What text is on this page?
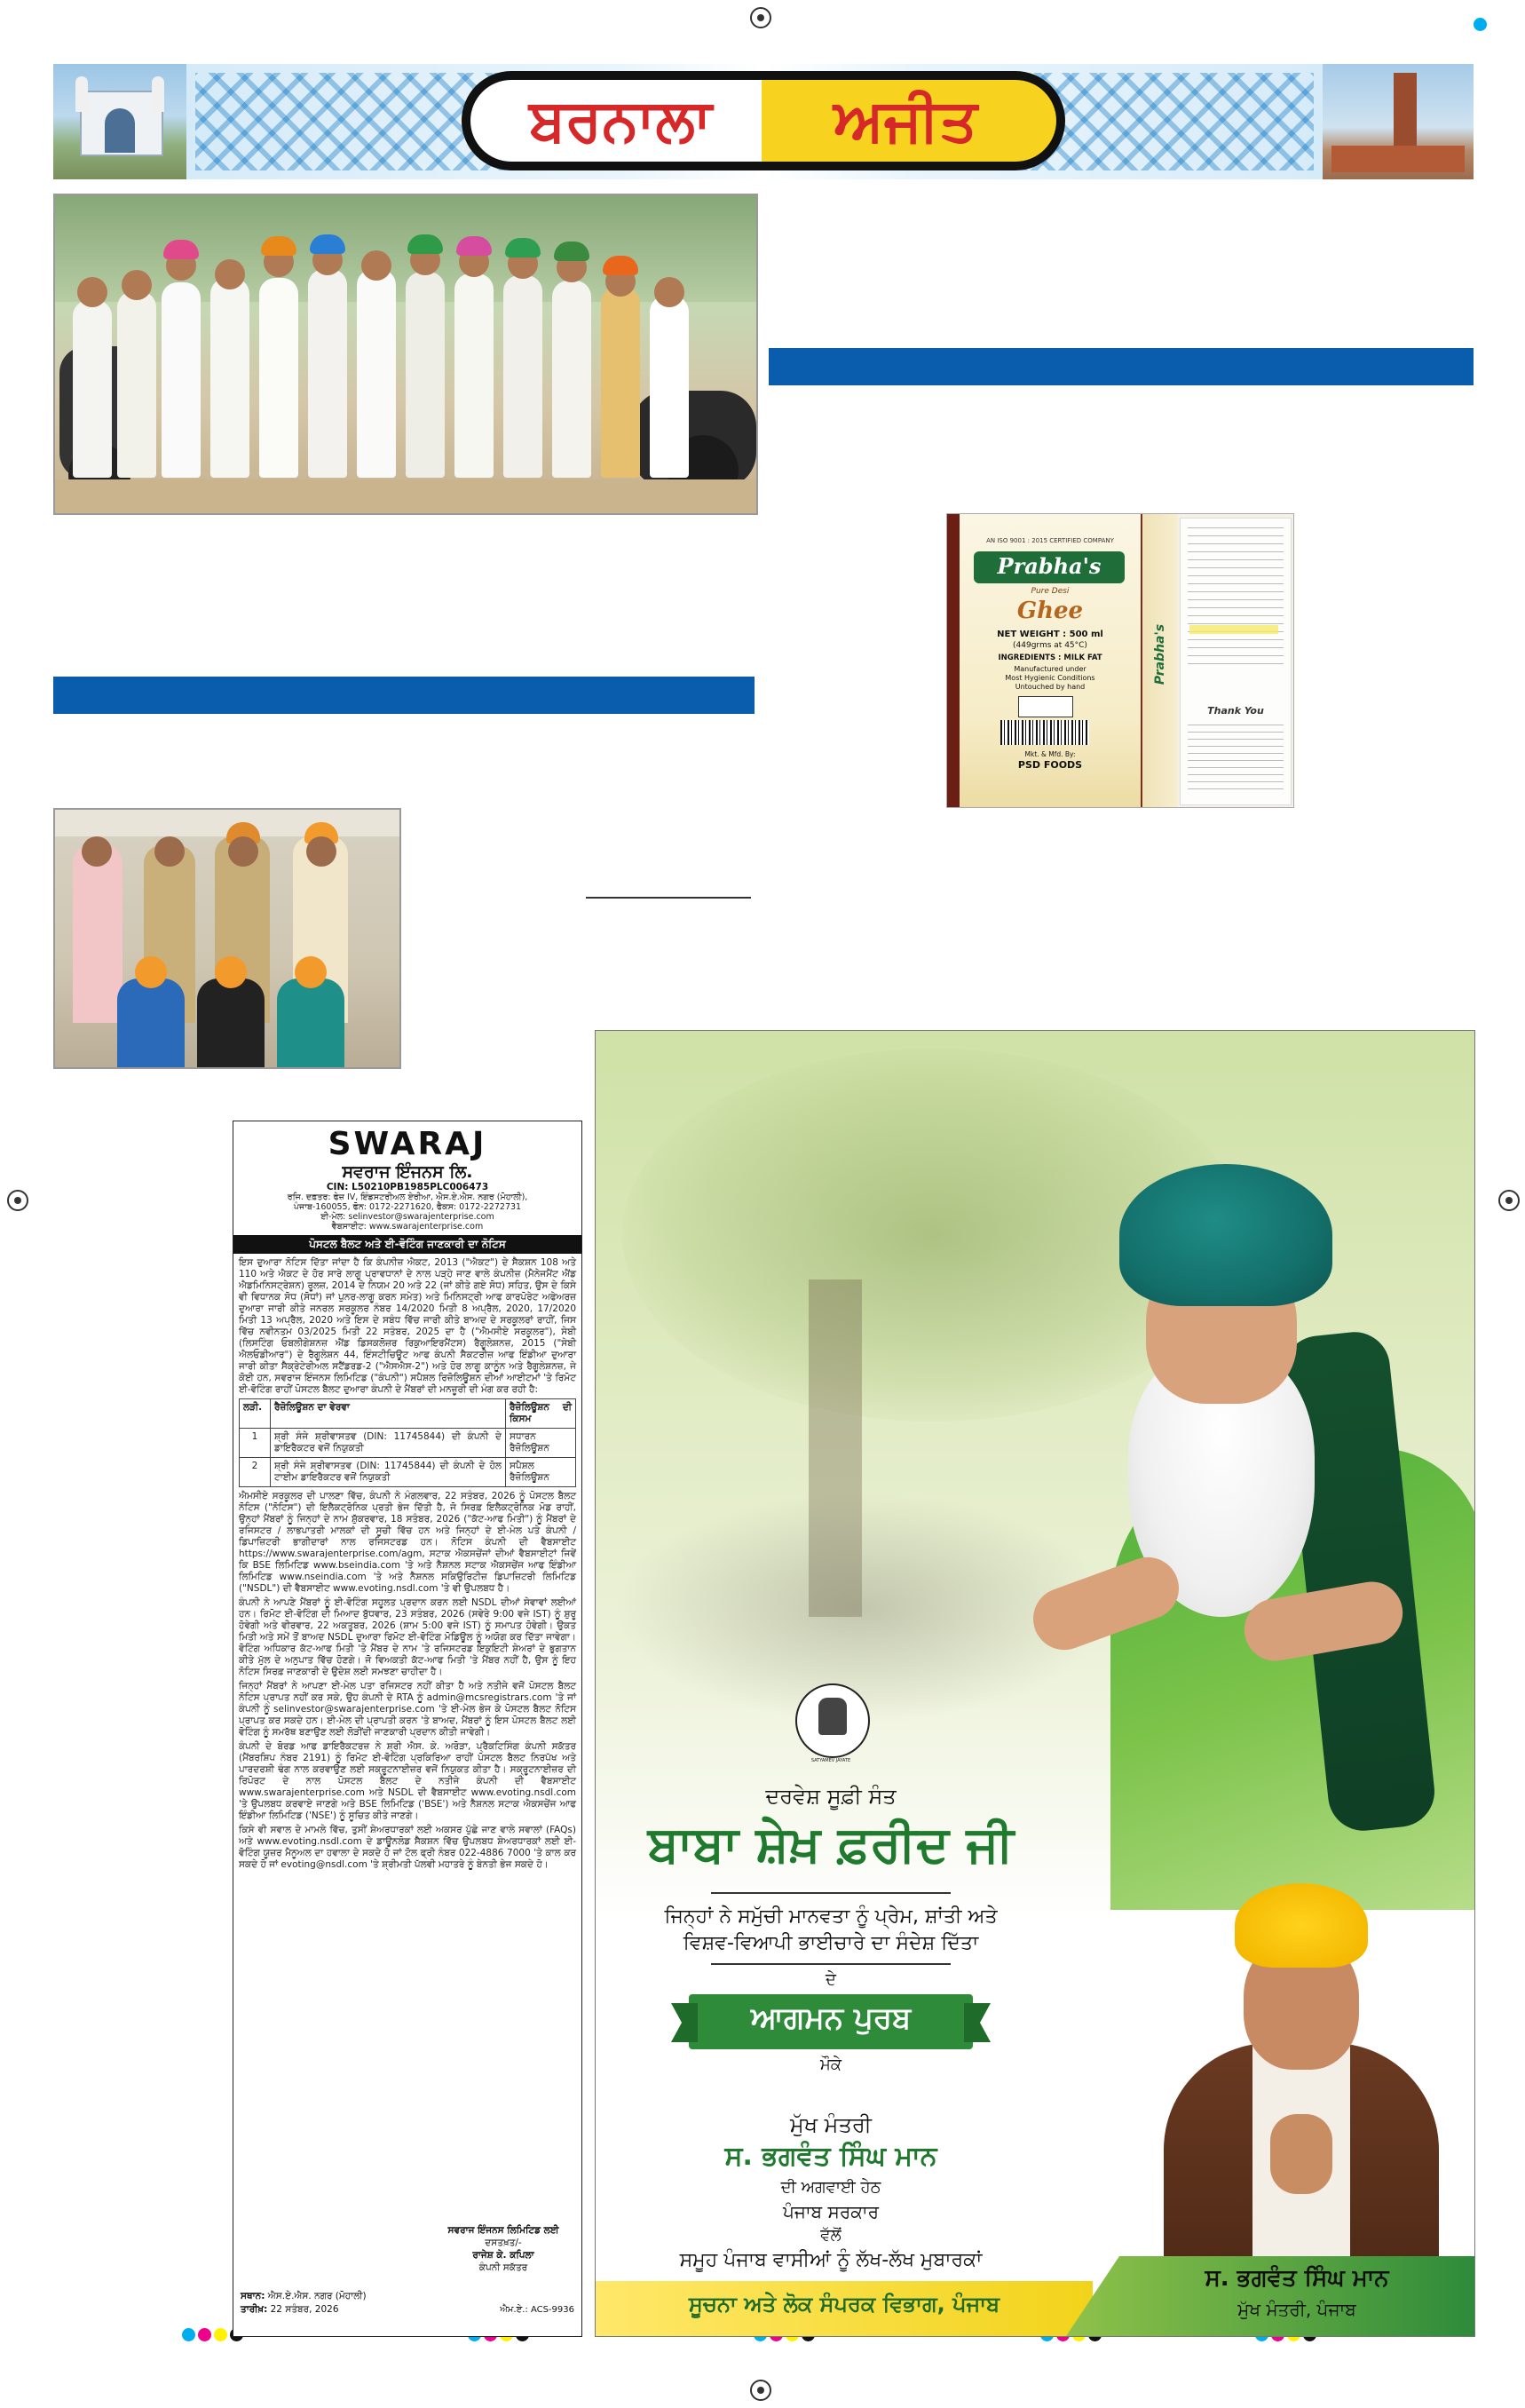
ਬਰਨਾਲਾ	ਅਜੀਤ
AN ISO 9001 : 2015 CERTIFIED COMPANY
Prabha's
Pure Desi
Ghee
NET WEIGHT : 500 ml
(449grms at 45°C)
INGREDIENTS : MILK FAT
Manufactured under
Most Hygienic Conditions
Untouched by hand
Mkt. & Mfd. By:
PSD FOODS
Prabha's
Thank You
SWARAJ
ਸਵਰਾਜ ਇੰਜਨਸ ਲਿ.
CIN: L50210PB1985PLC006473
ਰਜਿ. ਦਫ਼ਤਰ: ਫੇਜ਼ IV, ਇੰਡਸਟਰੀਅਲ ਏਰੀਆ, ਐਸ.ਏ.ਐਸ. ਨਗਰ (ਮੋਹਾਲੀ),
ਪੰਜਾਬ-160055, ਫੋਨ: 0172-2271620, ਫੈਕਸ: 0172-2272731
ਈ-ਮੇਲ: selinvestor@swarajenterprise.com
ਵੈਬਸਾਈਟ: www.swarajenterprise.com
ਪੋਸਟਲ ਬੈਲਟ ਅਤੇ ਈ-ਵੋਟਿੰਗ ਜਾਣਕਾਰੀ ਦਾ ਨੋਟਿਸ

ਇਸ ਦੁਆਰਾ ਨੋਟਿਸ ਦਿੱਤਾ ਜਾਂਦਾ ਹੈ ਕਿ ਕੰਪਨੀਜ਼ ਐਕਟ, 2013 ("ਐਕਟ") ਦੇ ਸੈਕਸ਼ਨ 108 ਅਤੇ 110 ਅਤੇ ਐਕਟ ਦੇ ਹੋਰ ਸਾਰੇ ਲਾਗੂ ਪ੍ਰਾਵਧਾਨਾਂ ਦੇ ਨਾਲ ਪੜ੍ਹੇ ਜਾਣ ਵਾਲੇ ਕੰਪਨੀਜ਼ (ਮੈਨੇਜਮੈਂਟ ਐਂਡ ਐਡਮਿਨਿਸਟ੍ਰੇਸ਼ਨ) ਰੂਲਜ਼, 2014 ਦੇ ਨਿਯਮ 20 ਅਤੇ 22 (ਜਾਂ ਕੀਤੇ ਗਏ ਸੋਧ) ਸਹਿਤ, ਉਸ ਦੇ ਕਿਸੇ ਵੀ ਵਿਧਾਨਕ ਸੋਧ (ਸੋਧਾਂ) ਜਾਂ ਪੁਨਰ-ਲਾਗੂ ਕਰਨ ਸਮੇਤ) ਅਤੇ ਮਿਨਿਸਟ੍ਰੀ ਆਫ ਕਾਰਪੋਰੇਟ ਅਫੇਅਰਜ਼ ਦੁਆਰਾ ਜਾਰੀ ਕੀਤੇ ਜਨਰਲ ਸਰਕੂਲਰ ਨੰਬਰ 14/2020 ਮਿਤੀ 8 ਅਪ੍ਰੈਲ, 2020, 17/2020 ਮਿਤੀ 13 ਅਪ੍ਰੈਲ, 2020 ਅਤੇ ਇਸ ਦੇ ਸਬੰਧ ਵਿੱਚ ਜਾਰੀ ਕੀਤੇ ਬਾਅਦ ਦੇ ਸਰਕੂਲਰਾਂ ਰਾਹੀਂ, ਜਿਸ ਵਿੱਚ ਨਵੀਨਤਮ 03/2025 ਮਿਤੀ 22 ਸਤੰਬਰ, 2025 ਦਾ ਹੈ ("ਐਮਸੀਏ ਸਰਕੂਲਰ"), ਸੇਬੀ (ਲਿਸਟਿੰਗ ਓਬਲੀਗੇਸ਼ਨਜ਼ ਐਂਡ ਡਿਸਕਲੋਜ਼ਰ ਰਿਕੁਆਇਰਮੈਂਟਸ) ਰੈਗੂਲੇਸ਼ਨਜ਼, 2015 ("ਸੇਬੀ ਐਲਓਡੀਆਰ") ਦੇ ਰੈਗੂਲੇਸ਼ਨ 44, ਇੰਸਟੀਚਿਊਟ ਆਫ ਕੰਪਨੀ ਸੈਕਟਰੀਜ਼ ਆਫ ਇੰਡੀਆ ਦੁਆਰਾ ਜਾਰੀ ਕੀਤਾ ਸੈਕ੍ਰੇਟੇਰੀਅਲ ਸਟੈਂਡਰਡ-2 ("ਐਸਐਸ-2") ਅਤੇ ਹੋਰ ਲਾਗੂ ਕਾਨੂੰਨ ਅਤੇ ਰੈਗੂਲੇਸ਼ਨਜ਼, ਜੇ ਕੋਈ ਹਨ, ਸਵਰਾਜ ਇੰਜਨਸ ਲਿਮਿਟਿਡ ("ਕੰਪਨੀ") ਸਪੈਸ਼ਲ ਰਿਜ਼ੋਲਿਊਸ਼ਨ ਦੀਆਂ ਆਈਟਮਾਂ 'ਤੇ ਰਿਮੋਟ ਈ-ਵੋਟਿੰਗ ਰਾਹੀਂ ਪੋਸਟਲ ਬੈਲਟ ਦੁਆਰਾ ਕੰਪਨੀ ਦੇ ਮੈਂਬਰਾਂ ਦੀ ਮਨਜ਼ੂਰੀ ਦੀ ਮੰਗ ਕਰ ਰਹੀ ਹੈ:

ਲੜੀ.	ਰੈਜ਼ੋਲਿਊਸ਼ਨ ਦਾ ਵੇਰਵਾ	ਰੈਜ਼ੋਲਿਊਸ਼ਨ ਦੀ ਕਿਸਮ
1	ਸ਼੍ਰੀ ਸੰਜੇ ਸ਼੍ਰੀਵਾਸਤਵ (DIN: 11745844) ਦੀ ਕੰਪਨੀ ਦੇ ਡਾਇਰੈਕਟਰ ਵਜੋਂ ਨਿਯੁਕਤੀ	ਸਧਾਰਨ ਰੈਜ਼ੋਲਿਊਸ਼ਨ
2	ਸ਼੍ਰੀ ਸੰਜੇ ਸ਼੍ਰੀਵਾਸਤਵ (DIN: 11745844) ਦੀ ਕੰਪਨੀ ਦੇ ਹੋਲ ਟਾਈਮ ਡਾਇਰੈਕਟਰ ਵਜੋਂ ਨਿਯੁਕਤੀ	ਸਪੈਸ਼ਲ ਰੈਜ਼ੋਲਿਊਸ਼ਨ

ਐਮਸੀਏ ਸਰਕੂਲਰ ਦੀ ਪਾਲਣਾ ਵਿੱਚ, ਕੰਪਨੀ ਨੇ ਮੰਗਲਵਾਰ, 22 ਸਤੰਬਰ, 2026 ਨੂੰ ਪੋਸਟਲ ਬੈਲਟ ਨੋਟਿਸ ("ਨੋਟਿਸ") ਦੀ ਇਲੈਕਟ੍ਰੋਨਿਕ ਪ੍ਰਤੀ ਭੇਜ ਦਿੱਤੀ ਹੈ, ਜੋ ਸਿਰਫ਼ ਇਲੈਕਟ੍ਰੋਨਿਕ ਮੋਡ ਰਾਹੀਂ, ਉਨ੍ਹਾਂ ਮੈਂਬਰਾਂ ਨੂੰ ਜਿਨ੍ਹਾਂ ਦੇ ਨਾਮ ਸ਼ੁੱਕਰਵਾਰ, 18 ਸਤੰਬਰ, 2026 ("ਕੱਟ-ਆਫ ਮਿਤੀ") ਨੂੰ ਮੈਂਬਰਾਂ ਦੇ ਰਜਿਸਟਰ / ਲਾਭਪਾਤਰੀ ਮਾਲਕਾਂ ਦੀ ਸੂਚੀ ਵਿੱਚ ਹਨ ਅਤੇ ਜਿਨ੍ਹਾਂ ਦੇ ਈ-ਮੇਲ ਪਤੇ ਕੰਪਨੀ / ਡਿਪਾਜ਼ਿਟਰੀ ਭਾਗੀਦਾਰਾਂ ਨਾਲ ਰਜਿਸਟਰਡ ਹਨ। ਨੋਟਿਸ ਕੰਪਨੀ ਦੀ ਵੈਬਸਾਈਟ https://www.swarajenterprise.com/agm, ਸਟਾਕ ਐਕਸਚੇਂਜਾਂ ਦੀਆਂ ਵੈਬਸਾਈਟਾਂ ਜਿਵੇਂ ਕਿ BSE ਲਿਮਿਟਿਡ www.bseindia.com 'ਤੇ ਅਤੇ ਨੈਸ਼ਨਲ ਸਟਾਕ ਐਕਸਚੇਂਜ ਆਫ ਇੰਡੀਆ ਲਿਮਿਟਿਡ www.nseindia.com 'ਤੇ ਅਤੇ ਨੈਸ਼ਨਲ ਸਕਿਉਰਿਟੀਜ਼ ਡਿਪਾਜ਼ਿਟਰੀ ਲਿਮਿਟਿਡ ("NSDL") ਦੀ ਵੈਬਸਾਈਟ www.evoting.nsdl.com 'ਤੇ ਵੀ ਉਪਲਬਧ ਹੈ।

ਕੰਪਨੀ ਨੇ ਆਪਣੇ ਮੈਂਬਰਾਂ ਨੂੰ ਈ-ਵੋਟਿੰਗ ਸਹੂਲਤ ਪ੍ਰਦਾਨ ਕਰਨ ਲਈ NSDL ਦੀਆਂ ਸੇਵਾਵਾਂ ਲਈਆਂ ਹਨ। ਰਿਮੋਟ ਈ-ਵੋਟਿੰਗ ਦੀ ਮਿਆਦ ਬੁੱਧਵਾਰ, 23 ਸਤੰਬਰ, 2026 (ਸਵੇਰੇ 9:00 ਵਜੇ IST) ਨੂੰ ਸ਼ੁਰੂ ਹੋਵੇਗੀ ਅਤੇ ਵੀਰਵਾਰ, 22 ਅਕਤੂਬਰ, 2026 (ਸ਼ਾਮ 5:00 ਵਜੇ IST) ਨੂੰ ਸਮਾਪਤ ਹੋਵੇਗੀ। ਉਕਤ ਮਿਤੀ ਅਤੇ ਸਮੇਂ ਤੋਂ ਬਾਅਦ NSDL ਦੁਆਰਾ ਰਿਮੋਟ ਈ-ਵੋਟਿੰਗ ਮੋਡਿਊਲ ਨੂੰ ਅਯੋਗ ਕਰ ਦਿੱਤਾ ਜਾਵੇਗਾ। ਵੋਟਿੰਗ ਅਧਿਕਾਰ ਕੱਟ-ਆਫ ਮਿਤੀ 'ਤੇ ਮੈਂਬਰ ਦੇ ਨਾਮ 'ਤੇ ਰਜਿਸਟਰਡ ਇਕੁਇਟੀ ਸ਼ੇਅਰਾਂ ਦੇ ਭੁਗਤਾਨ ਕੀਤੇ ਮੁੱਲ ਦੇ ਅਨੁਪਾਤ ਵਿੱਚ ਹੋਣਗੇ। ਜੋ ਵਿਅਕਤੀ ਕੱਟ-ਆਫ ਮਿਤੀ 'ਤੇ ਮੈਂਬਰ ਨਹੀਂ ਹੈ, ਉਸ ਨੂੰ ਇਹ ਨੋਟਿਸ ਸਿਰਫ਼ ਜਾਣਕਾਰੀ ਦੇ ਉਦੇਸ਼ ਲਈ ਸਮਝਣਾ ਚਾਹੀਦਾ ਹੈ।

ਜਿਨ੍ਹਾਂ ਮੈਂਬਰਾਂ ਨੇ ਆਪਣਾ ਈ-ਮੇਲ ਪਤਾ ਰਜਿਸਟਰ ਨਹੀਂ ਕੀਤਾ ਹੈ ਅਤੇ ਨਤੀਜੇ ਵਜੋਂ ਪੋਸਟਲ ਬੈਲਟ ਨੋਟਿਸ ਪ੍ਰਾਪਤ ਨਹੀਂ ਕਰ ਸਕੇ, ਉਹ ਕੰਪਨੀ ਦੇ RTA ਨੂੰ admin@mcsregistrars.com 'ਤੇ ਜਾਂ ਕੰਪਨੀ ਨੂੰ selinvestor@swarajenterprise.com 'ਤੇ ਈ-ਮੇਲ ਭੇਜ ਕੇ ਪੋਸਟਲ ਬੈਲਟ ਨੋਟਿਸ ਪ੍ਰਾਪਤ ਕਰ ਸਕਦੇ ਹਨ। ਈ-ਮੇਲ ਦੀ ਪ੍ਰਾਪਤੀ ਕਰਨ 'ਤੇ ਬਾਅਦ, ਮੈਂਬਰਾਂ ਨੂੰ ਇਸ ਪੋਸਟਲ ਬੈਲਟ ਲਈ ਵੋਟਿੰਗ ਨੂੰ ਸਮਰੱਥ ਬਣਾਉਣ ਲਈ ਲੋੜੀਂਦੀ ਜਾਣਕਾਰੀ ਪ੍ਰਦਾਨ ਕੀਤੀ ਜਾਵੇਗੀ।

ਕੰਪਨੀ ਦੇ ਬੋਰਡ ਆਫ ਡਾਇਰੈਕਟਰਜ਼ ਨੇ ਸ਼੍ਰੀ ਐਸ. ਕੇ. ਅਰੋੜਾ, ਪ੍ਰੈਕਟਿਸਿੰਗ ਕੰਪਨੀ ਸਕੱਤਰ (ਮੈਂਬਰਸ਼ਿਪ ਨੰਬਰ 2191) ਨੂੰ ਰਿਮੋਟ ਈ-ਵੋਟਿੰਗ ਪ੍ਰਕਿਰਿਆ ਰਾਹੀਂ ਪੋਸਟਲ ਬੈਲਟ ਨਿਰਪੱਖ ਅਤੇ ਪਾਰਦਰਸ਼ੀ ਢੰਗ ਨਾਲ ਕਰਵਾਉਣ ਲਈ ਸਕ੍ਰੂਟਨਾਈਜ਼ਰ ਵਜੋਂ ਨਿਯੁਕਤ ਕੀਤਾ ਹੈ। ਸਕ੍ਰੂਟਨਾਈਜ਼ਰ ਦੀ ਰਿਪੋਰਟ ਦੇ ਨਾਲ ਪੋਸਟਲ ਬੈਲਟ ਦੇ ਨਤੀਜੇ ਕੰਪਨੀ ਦੀ ਵੈਬਸਾਈਟ www.swarajenterprise.com ਅਤੇ NSDL ਦੀ ਵੈਬਸਾਈਟ www.evoting.nsdl.com 'ਤੇ ਉਪਲਬਧ ਕਰਵਾਏ ਜਾਣਗੇ ਅਤੇ BSE ਲਿਮਿਟਿਡ ('BSE') ਅਤੇ ਨੈਸ਼ਨਲ ਸਟਾਕ ਐਕਸਚੇਂਜ ਆਫ ਇੰਡੀਆ ਲਿਮਿਟਿਡ ('NSE') ਨੂੰ ਸੂਚਿਤ ਕੀਤੇ ਜਾਣਗੇ।

ਕਿਸੇ ਵੀ ਸਵਾਲ ਦੇ ਮਾਮਲੇ ਵਿੱਚ, ਤੁਸੀਂ ਸ਼ੇਅਰਧਾਰਕਾਂ ਲਈ ਅਕਸਰ ਪੁੱਛੇ ਜਾਣ ਵਾਲੇ ਸਵਾਲਾਂ (FAQs) ਅਤੇ www.evoting.nsdl.com ਦੇ ਡਾਊਨਲੋਡ ਸੈਕਸ਼ਨ ਵਿੱਚ ਉਪਲਬਧ ਸ਼ੇਅਰਧਾਰਕਾਂ ਲਈ ਈ-ਵੋਟਿੰਗ ਯੂਜ਼ਰ ਮੈਨੂਅਲ ਦਾ ਹਵਾਲਾ ਦੇ ਸਕਦੇ ਹੋ ਜਾਂ ਟੋਲ ਫ੍ਰੀ ਨੰਬਰ 022-4886 7000 'ਤੇ ਕਾਲ ਕਰ ਸਕਦੇ ਹੋ ਜਾਂ evoting@nsdl.com 'ਤੇ ਸ਼੍ਰੀਮਤੀ ਪੱਲਵੀ ਮਹਾਤਰੇ ਨੂੰ ਬੇਨਤੀ ਭੇਜ ਸਕਦੇ ਹੋ।

ਸਵਰਾਜ ਇੰਜਨਸ ਲਿਮਿਟਿਡ ਲਈ
ਦਸਤਖ਼ਤ/-
ਰਾਜੇਸ਼ ਕੇ. ਕਪਿਲਾ
ਕੰਪਨੀ ਸਕੱਤਰ
ਸਥਾਨ: ਐਸ.ਏ.ਐਸ. ਨਗਰ (ਮੋਹਾਲੀ)
ਤਾਰੀਖ਼: 22 ਸਤੰਬਰ, 2026	ਐਮ.ਏ.: ACS-9936
SATYAMEV JAYATE
ਦਰਵੇਸ਼ ਸੂਫ਼ੀ ਸੰਤ
ਬਾਬਾ ਸ਼ੇਖ਼ ਫ਼ਰੀਦ ਜੀ
ਜਿਨ੍ਹਾਂ ਨੇ ਸਮੁੱਚੀ ਮਾਨਵਤਾ ਨੂੰ ਪ੍ਰੇਮ, ਸ਼ਾਂਤੀ ਅਤੇ
ਵਿਸ਼ਵ-ਵਿਆਪੀ ਭਾਈਚਾਰੇ ਦਾ ਸੰਦੇਸ਼ ਦਿੱਤਾ
ਦੇ
ਆਗਮਨ ਪੁਰਬ
ਮੌਕੇ
ਮੁੱਖ ਮੰਤਰੀ
ਸ. ਭਗਵੰਤ ਸਿੰਘ ਮਾਨ
ਦੀ ਅਗਵਾਈ ਹੇਠ
ਪੰਜਾਬ ਸਰਕਾਰ
ਵੱਲੋਂ
ਸਮੂਹ ਪੰਜਾਬ ਵਾਸੀਆਂ ਨੂੰ ਲੱਖ-ਲੱਖ ਮੁਬਾਰਕਾਂ
ਸੂਚਨਾ ਅਤੇ ਲੋਕ ਸੰਪਰਕ ਵਿਭਾਗ, ਪੰਜਾਬ
ਸ. ਭਗਵੰਤ ਸਿੰਘ ਮਾਨ
ਮੁੱਖ ਮੰਤਰੀ, ਪੰਜਾਬ
